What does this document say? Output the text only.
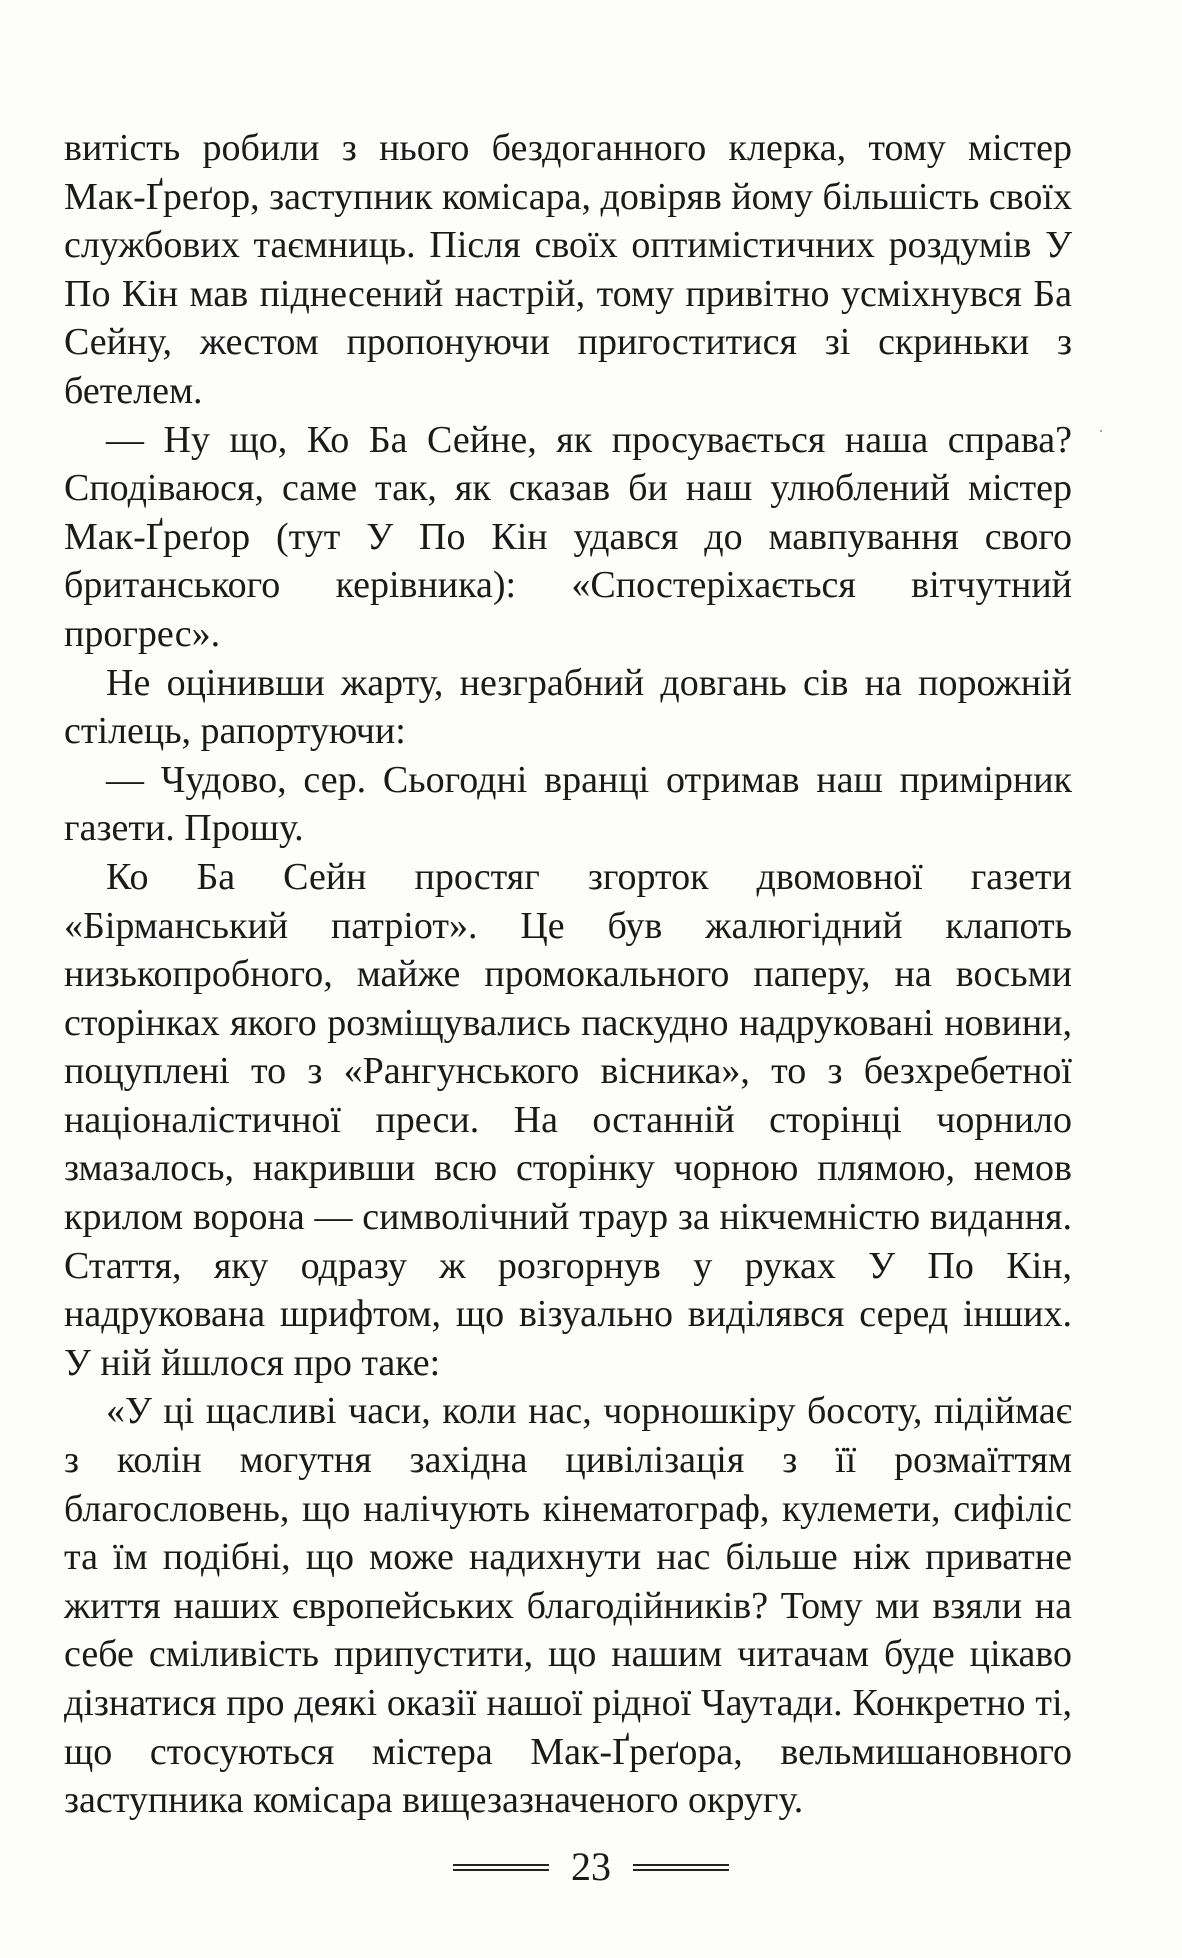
витість робили з нього бездоганного клерка, тому містер Мак-Ґреґор, заступник комісара, довіряв йому більшість своїх службових таємниць. Після своїх оптимістичних роздумів У По Кін мав піднесений настрій, тому привітно усміхнувся Ба Сейну, жестом пропонуючи пригоститися зі скриньки з бетелем.

— Ну що, Ко Ба Сейне, як просувається наша справа? Сподіваюся, саме так, як сказав би наш улюблений містер Мак-Ґреґор (тут У По Кін удався до мавпування свого британського керівника): «Спостеріхається вітчутний прогрес».

Не оцінивши жарту, незграбний довгань сів на порожній стілець, рапортуючи:

— Чудово, сер. Сьогодні вранці отримав наш примірник газети. Прошу.

Ко Ба Сейн простяг згорток двомовної газети «Бірманський патріот». Це був жалюгідний клапоть низькопробного, майже промокального паперу, на восьми сторінках якого розміщувались паскудно надруковані новини, поцуплені то з «Рангунського вісника», то з безхребетної націоналістичної преси. На останній сторінці чорнило змазалось, накривши всю сторінку чорною плямою, немов крилом ворона — символічний траур за нікчемністю видання. Стаття, яку одразу ж розгорнув у руках У По Кін, надрукована шрифтом, що візуально виділявся серед інших. У ній йшлося про таке:

«У ці щасливі часи, коли нас, чорношкіру босоту, підіймає з колін могутня західна цивілізація з її розмаїттям благословень, що налічують кінематограф, кулемети, сифіліс та їм подібні, що може надихнути нас більше ніж приватне життя наших європейських благодійників? Тому ми взяли на себе сміливість припустити, що нашим читачам буде цікаво дізнатися про деякі оказії нашої рідної Чаутади. Конкретно ті, що стосуються містера Мак-Ґреґора, вельмишановного заступника комісара вищезазначеного округу.

23
